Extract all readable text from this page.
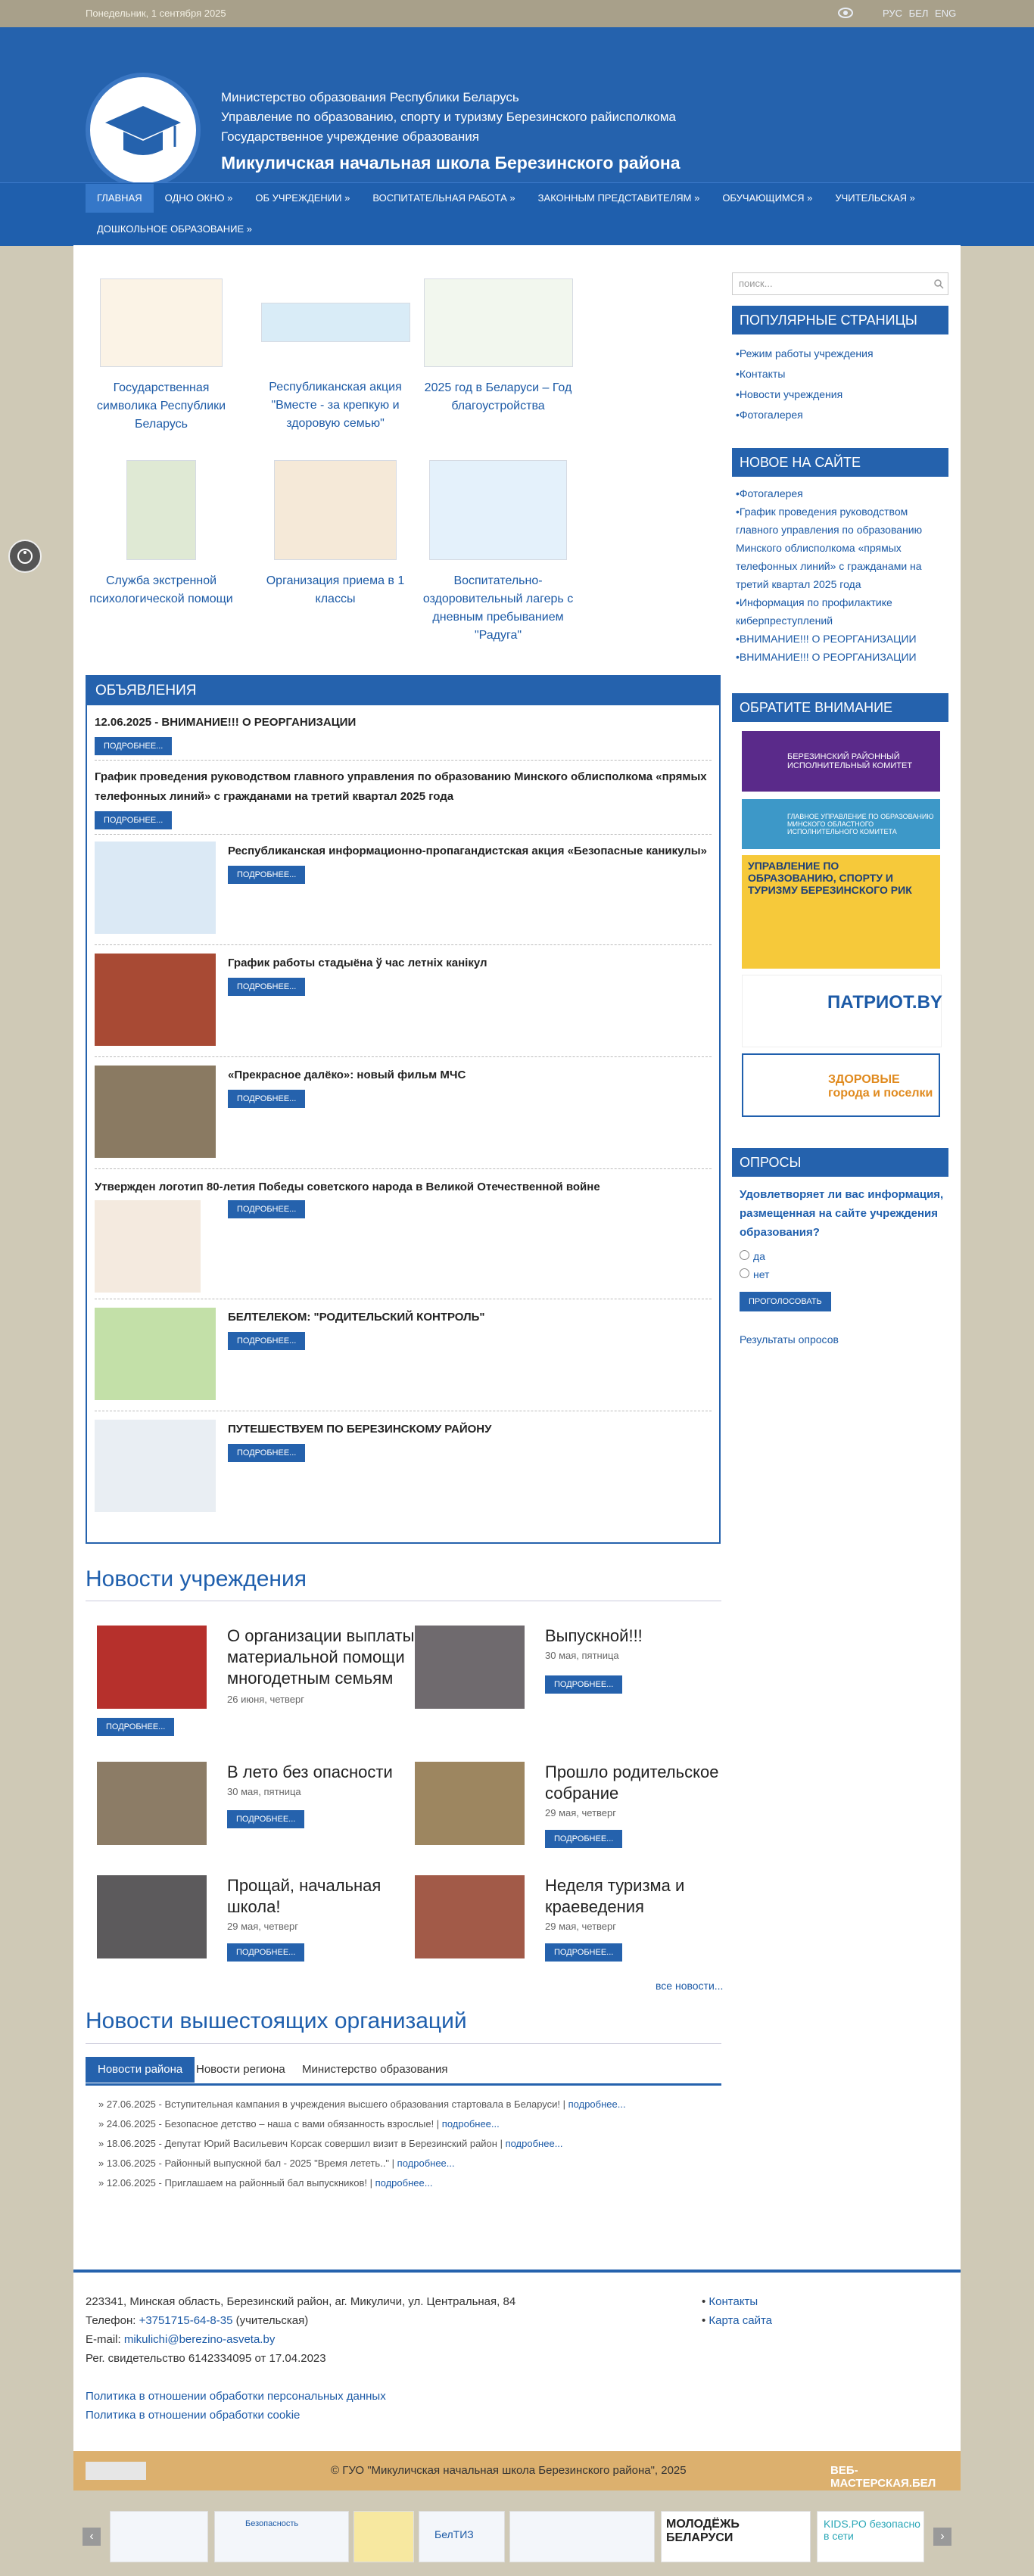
Понедельник, 1 сентября 2025	РУС БЕЛ ENG
Министерство образования Республики Беларусь
Управление по образованию, спорту и туризму Березинского райисполкома
Государственное учреждение образования
Микуличская начальная школа Березинского района
ГЛАВНАЯ	ОДНО ОКНО »	ОБ УЧРЕЖДЕНИИ »	ВОСПИТАТЕЛЬНАЯ РАБОТА »	ЗАКОННЫМ ПРЕДСТАВИТЕЛЯМ »	ОБУЧАЮЩИМСЯ »	УЧИТЕЛЬСКАЯ »
ДОШКОЛЬНОЕ ОБРАЗОВАНИЕ »
Государственная символика Республики Беларусь
Республиканская акция "Вместе - за крепкую и здоровую семью"
2025 год в Беларуси – Год благоустройства
Служба экстренной психологической помощи
Организация приема в 1 классы
Воспитательно-оздоровительный лагерь с дневным пребыванием "Радуга"
ОБЪЯВЛЕНИЯ
12.06.2025 - ВНИМАНИЕ!!! О РЕОРГАНИЗАЦИИ
ПОДРОБНЕЕ...
График проведения руководством главного управления по образованию Минского облисполкома «прямых телефонных линий» с гражданами на третий квартал 2025 года
ПОДРОБНЕЕ...
Республиканская информационно-пропагандистская акция «Безопасные каникулы»
ПОДРОБНЕЕ...
График работы стадыёна ў час летніх канікул
ПОДРОБНЕЕ...
«Прекрасное далёко»: новый фильм МЧС
ПОДРОБНЕЕ...
Утвержден логотип 80-летия Победы советского народа в Великой Отечественной войне
ПОДРОБНЕЕ...
БЕЛТЕЛЕКОМ: "РОДИТЕЛЬСКИЙ КОНТРОЛЬ"
ПОДРОБНЕЕ...
ПУТЕШЕСТВУЕМ ПО БЕРЕЗИНСКОМУ РАЙОНУ
ПОДРОБНЕЕ...
Новости учреждения
О организации выплаты материальной помощи многодетным семьям
26 июня, четверг
ПОДРОБНЕЕ...
Выпускной!!!
30 мая, пятница
ПОДРОБНЕЕ...
В лето без опасности
30 мая, пятница
ПОДРОБНЕЕ...
Прошло родительское собрание
29 мая, четверг
ПОДРОБНЕЕ...
Прощай, начальная школа!
29 мая, четверг
ПОДРОБНЕЕ...
Неделя туризма и краеведения
29 мая, четверг
ПОДРОБНЕЕ...
все новости...
Новости вышестоящих организаций
Новости района	Новости региона	Министерство образования
» 27.06.2025 - Вступительная кампания в учреждения высшего образования стартовала в Беларуси! | подробнее...
» 24.06.2025 - Безопасное детство – наша с вами обязанность взрослые! | подробнее...
» 18.06.2025 - Депутат Юрий Васильевич Корсак совершил визит в Березинский район | подробнее...
» 13.06.2025 - Районный выпускной бал - 2025 "Время лететь.." | подробнее...
» 12.06.2025 - Приглашаем на районный бал выпускников! | подробнее...
поиск...
ПОПУЛЯРНЫЕ СТРАНИЦЫ
• Режим работы учреждения
• Контакты
• Новости учреждения
• Фотогалерея
НОВОЕ НА САЙТЕ
• Фотогалерея
• График проведения руководством главного управления по образованию Минского облисполкома «прямых телефонных линий» с гражданами на третий квартал 2025 года
• Информация по профилактике киберпреступлений
• ВНИМАНИЕ!!! О РЕОРГАНИЗАЦИИ
• ВНИМАНИЕ!!! О РЕОРГАНИЗАЦИИ
ОБРАТИТЕ ВНИМАНИЕ
БЕРЕЗИНСКИЙ РАЙОННЫЙ ИСПОЛНИТЕЛЬНЫЙ КОМИТЕТ
ГЛАВНОЕ УПРАВЛЕНИЕ ПО ОБРАЗОВАНИЮ МИНСКОГО ОБЛАСТНОГО ИСПОЛНИТЕЛЬНОГО КОМИТЕТА
УПРАВЛЕНИЕ ПО ОБРАЗОВАНИЮ, СПОРТУ И ТУРИЗМУ БЕРЕЗИНСКОГО РИК
ПАТРИОТ.BY
ЗДОРОВЫЕ города и поселки
ОПРОСЫ
Удовлетворяет ли вас информация, размещенная на сайте учреждения образования?
да
нет
ПРОГОЛОСОВАТЬ
Результаты опросов
223341, Минская область, Березинский район, аг. Микуличи, ул. Центральная, 84
Телефон: +3751715-64-8-35 (учительская)
E-mail: mikulichi@berezino-asveta.by
Рег. свидетельство 6142334095 от 17.04.2023
Политика в отношении обработки персональных данных
Политика в отношении обработки cookie
• Контакты
• Карта сайта
© ГУО "Микуличская начальная школа Березинского района", 2025	ВЕБ-МАСТЕРСКАЯ.БЕЛ
‹
Безопасность
БелТИЗ
МОЛОДЁЖЬ БЕЛАРУСИ
KIDS.PO безопасно в сети	›
